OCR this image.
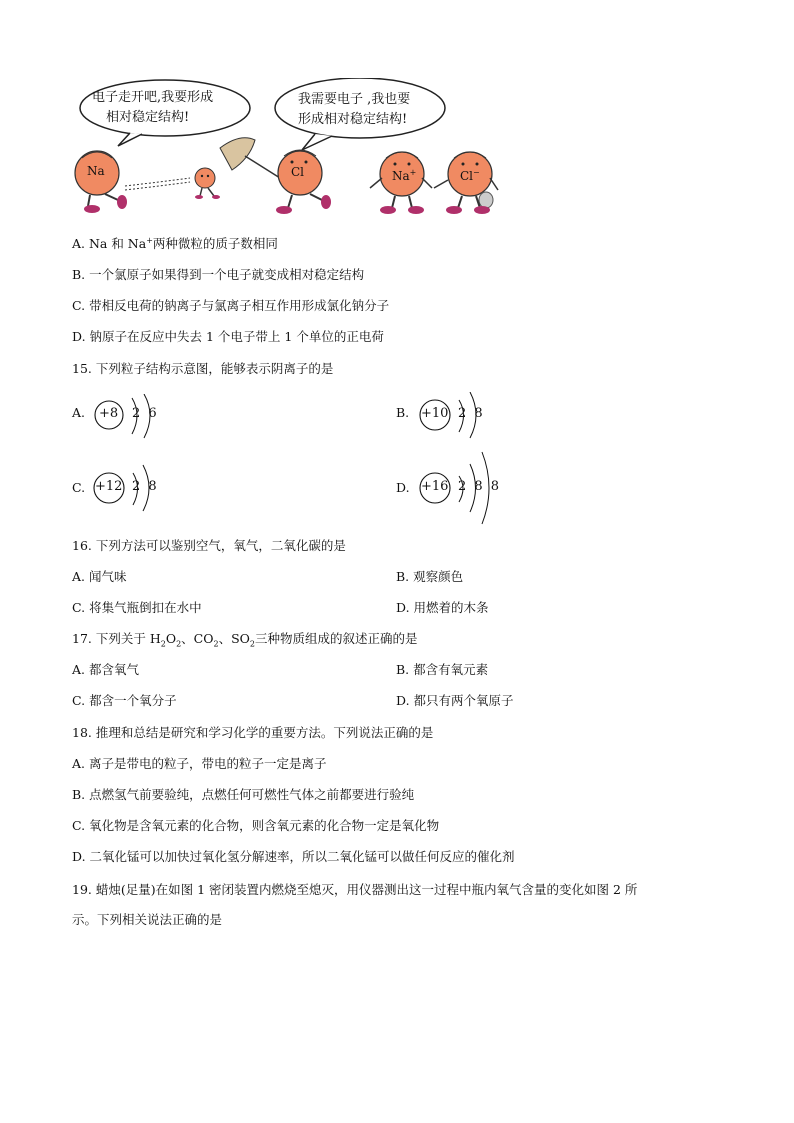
电子走开吧,我要形成
相对稳定结构!
我需要电子 ,我也要
形成相对稳定结构!
Na	Cl	Na+	Cl−
A. Na 和 Na+两种微粒的质子数相同
B. 一个氯原子如果得到一个电子就变成相对稳定结构
C. 带相反电荷的钠离子与氯离子相互作用形成氯化钠分子
D. 钠原子在反应中失去 1 个电子带上 1 个单位的正电荷
15. 下列粒子结构示意图，能够表示阴离子的是
A. +8 2 6	B. +10 2 8
C. +12 2 8	D. +16 2 8 8
16. 下列方法可以鉴别空气，氧气，二氧化碳的是
A. 闻气味	B. 观察颜色
C. 将集气瓶倒扣在水中	D. 用燃着的木条
17. 下列关于 $H_2O_2$、$CO_2$、$SO_2$三种物质组成的叙述正确的是
A. 都含氧气	B. 都含有氧元素
C. 都含一个氧分子	D. 都只有两个氧原子
18. 推理和总结是研究和学习化学的重要方法。下列说法正确的是
A. 离子是带电的粒子，带电的粒子一定是离子
B. 点燃氢气前要验纯，点燃任何可燃性气体之前都要进行验纯
C. 氧化物是含氧元素的化合物，则含氧元素的化合物一定是氧化物
D. 二氧化锰可以加快过氧化氢分解速率，所以二氧化锰可以做任何反应的催化剂
19. 蜡烛(足量)在如图 1 密闭装置内燃烧至熄灭，用仪器测出这一过程中瓶内氧气含量的变化如图 2 所
示。下列相关说法正确的是
